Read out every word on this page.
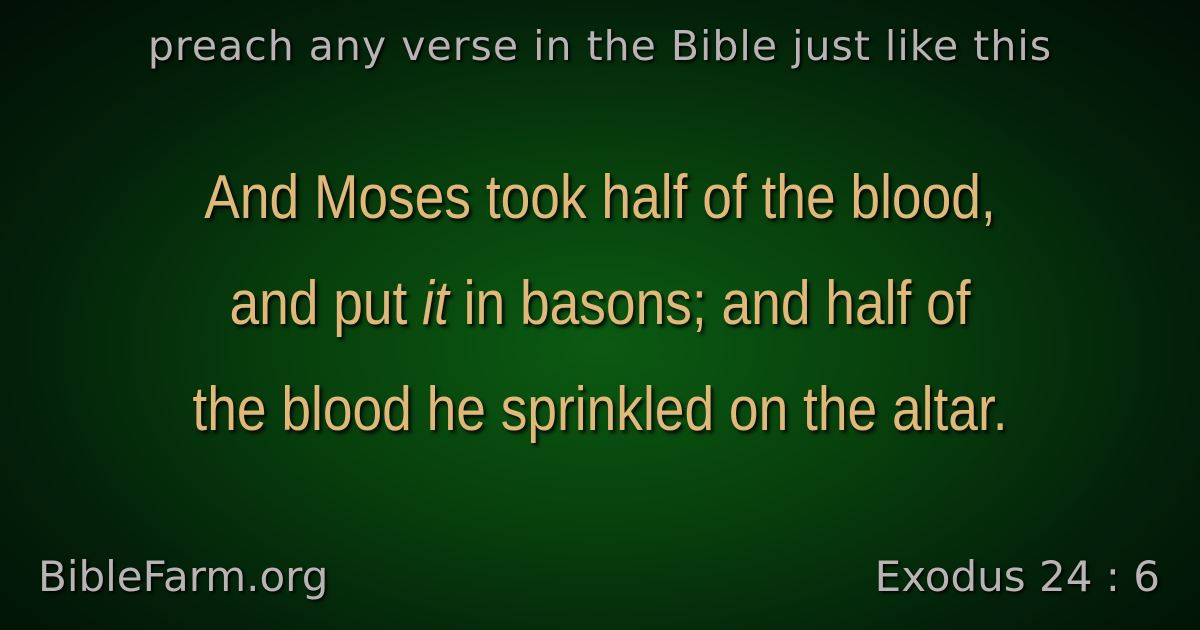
preach any verse in the Bible just like this
And Moses took half of the blood,
and put it in basons; and half of
the blood he sprinkled on the altar.
BibleFarm.org	Exodus 24 : 6
